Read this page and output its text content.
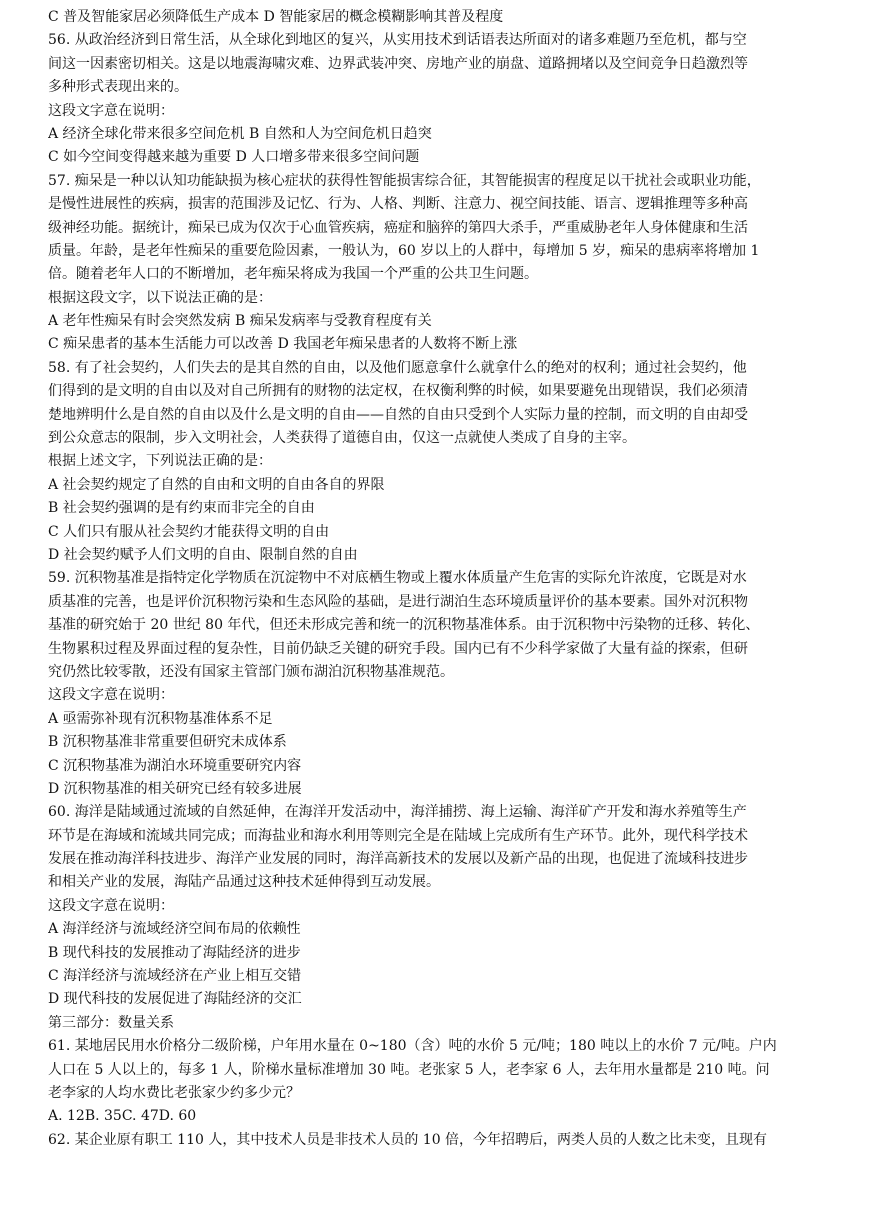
C 普及智能家居必须降低生产成本 D 智能家居的概念模糊影响其普及程度
56. 从政治经济到日常生活，从全球化到地区的复兴，从实用技术到话语表达所面对的诸多难题乃至危机，都与空
间这一因素密切相关。这是以地震海啸灾难、边界武装冲突、房地产业的崩盘、道路拥堵以及空间竞争日趋激烈等
多种形式表现出来的。
这段文字意在说明：
A 经济全球化带来很多空间危机 B 自然和人为空间危机日趋突
C 如今空间变得越来越为重要 D 人口增多带来很多空间问题
57. 痴呆是一种以认知功能缺损为核心症状的获得性智能损害综合征，其智能损害的程度足以干扰社会或职业功能，
是慢性进展性的疾病，损害的范围涉及记忆、行为、人格、判断、注意力、视空间技能、语言、逻辑推理等多种高
级神经功能。据统计，痴呆已成为仅次于心血管疾病，癌症和脑猝的第四大杀手，严重威胁老年人身体健康和生活
质量。年龄，是老年性痴呆的重要危险因素，一般认为，60 岁以上的人群中，每增加 5 岁，痴呆的患病率将增加 1
倍。随着老年人口的不断增加，老年痴呆将成为我国一个严重的公共卫生问题。
根据这段文字，以下说法正确的是：
A 老年性痴呆有时会突然发病 B 痴呆发病率与受教育程度有关
C 痴呆患者的基本生活能力可以改善 D 我国老年痴呆患者的人数将不断上涨
58. 有了社会契约，人们失去的是其自然的自由，以及他们愿意拿什么就拿什么的绝对的权利；通过社会契约，他
们得到的是文明的自由以及对自己所拥有的财物的法定权，在权衡利弊的时候，如果要避免出现错误，我们必须清
楚地辨明什么是自然的自由以及什么是文明的自由——自然的自由只受到个人实际力量的控制，而文明的自由却受
到公众意志的限制，步入文明社会，人类获得了道德自由，仅这一点就使人类成了自身的主宰。
根据上述文字，下列说法正确的是：
A 社会契约规定了自然的自由和文明的自由各自的界限
B 社会契约强调的是有约束而非完全的自由
C 人们只有服从社会契约才能获得文明的自由
D 社会契约赋予人们文明的自由、限制自然的自由
59. 沉积物基准是指特定化学物质在沉淀物中不对底栖生物或上覆水体质量产生危害的实际允许浓度，它既是对水
质基准的完善，也是评价沉积物污染和生态风险的基础，是进行湖泊生态环境质量评价的基本要素。国外对沉积物
基准的研究始于 20 世纪 80 年代，但还未形成完善和统一的沉积物基准体系。由于沉积物中污染物的迁移、转化、
生物累积过程及界面过程的复杂性，目前仍缺乏关键的研究手段。国内已有不少科学家做了大量有益的探索，但研
究仍然比较零散，还没有国家主管部门颁布湖泊沉积物基准规范。
这段文字意在说明：
A 亟需弥补现有沉积物基准体系不足
B 沉积物基准非常重要但研究未成体系
C 沉积物基准为湖泊水环境重要研究内容
D 沉积物基准的相关研究已经有较多进展
60. 海洋是陆域通过流域的自然延伸，在海洋开发活动中，海洋捕捞、海上运输、海洋矿产开发和海水养殖等生产
环节是在海域和流域共同完成；而海盐业和海水利用等则完全是在陆域上完成所有生产环节。此外，现代科学技术
发展在推动海洋科技进步、海洋产业发展的同时，海洋高新技术的发展以及新产品的出现，也促进了流域科技进步
和相关产业的发展，海陆产品通过这种技术延伸得到互动发展。
这段文字意在说明：
A 海洋经济与流域经济空间布局的依赖性
B 现代科技的发展推动了海陆经济的进步
C 海洋经济与流域经济在产业上相互交错
D 现代科技的发展促进了海陆经济的交汇
第三部分：数量关系
61. 某地居民用水价格分二级阶梯，户年用水量在 0~180（含）吨的水价 5 元/吨；180 吨以上的水价 7 元/吨。户内
人口在 5 人以上的，每多 1 人，阶梯水量标准增加 30 吨。老张家 5 人，老李家 6 人，去年用水量都是 210 吨。问
老李家的人均水费比老张家少约多少元？
A. 12B. 35C. 47D. 60
62. 某企业原有职工 110 人，其中技术人员是非技术人员的 10 倍，今年招聘后，两类人员的人数之比未变，且现有
